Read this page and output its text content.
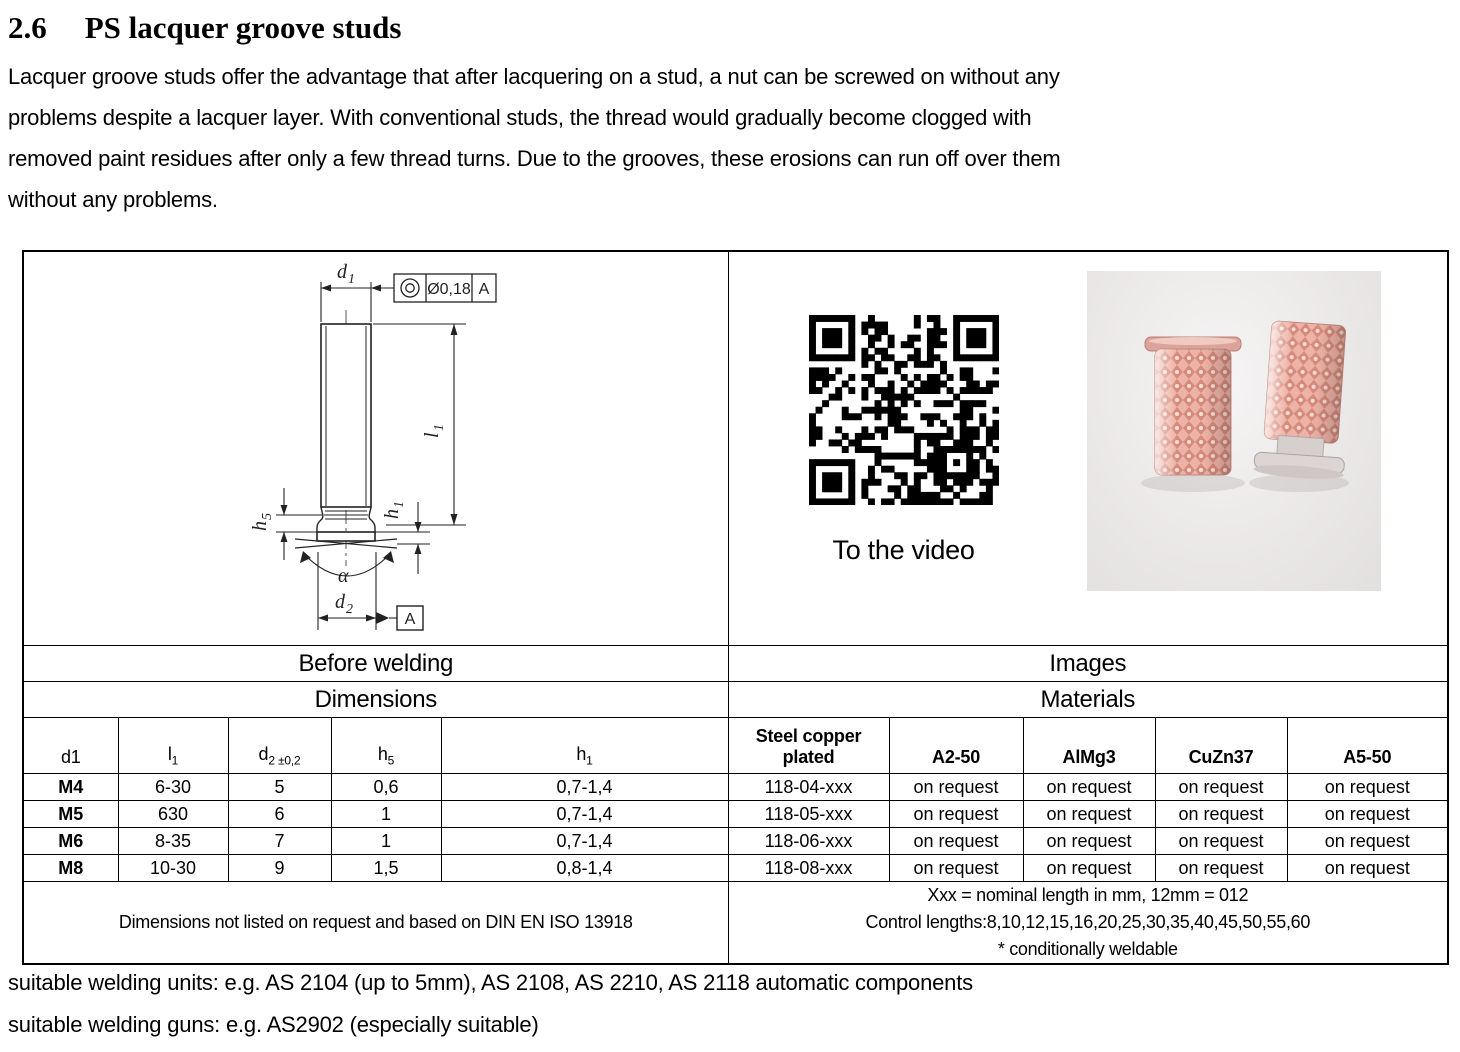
2.6 PS lacquer groove studs
Lacquer groove studs offer the advantage that after lacquering on a stud, a nut can be screwed on without any
problems despite a lacquer layer. With conventional studs, the thread would gradually become clogged with
removed paint residues after only a few thread turns. Due to the grooves, these erosions can run off over them
without any problems.
α
d 1
Ø0,18 A
l
1
h
5	h
1
d 2
A

To the video

Before welding					Images				
Dimensions					Materials				
d1	$l_1$	$d_{2 \pm 0,2}$	$h_5$	$h_1$	Steel copper plated	A2-50	AlMg3	CuZn37	A5-50
M4	6-30	5	0,6	0,7-1,4	118-04-xxx	on request	on request	on request	on request
M5	630	6	1	0,7-1,4	118-05-xxx	on request	on request	on request	on request
M6	8-35	7	1	0,7-1,4	118-06-xxx	on request	on request	on request	on request
M8	10-30	9	1,5	0,8-1,4	118-08-xxx	on request	on request	on request	on request
Dimensions not listed on request and based on DIN EN ISO 13918					Xxx = nominal length in mm, 12mm = 012
Control lengths:8,10,12,15,16,20,25,30,35,40,45,50,55,60
* conditionally weldable				
suitable welding units: e.g. AS 2104 (up to 5mm), AS 2108, AS 2210, AS 2118 automatic components
suitable welding guns: e.g. AS2902 (especially suitable)
